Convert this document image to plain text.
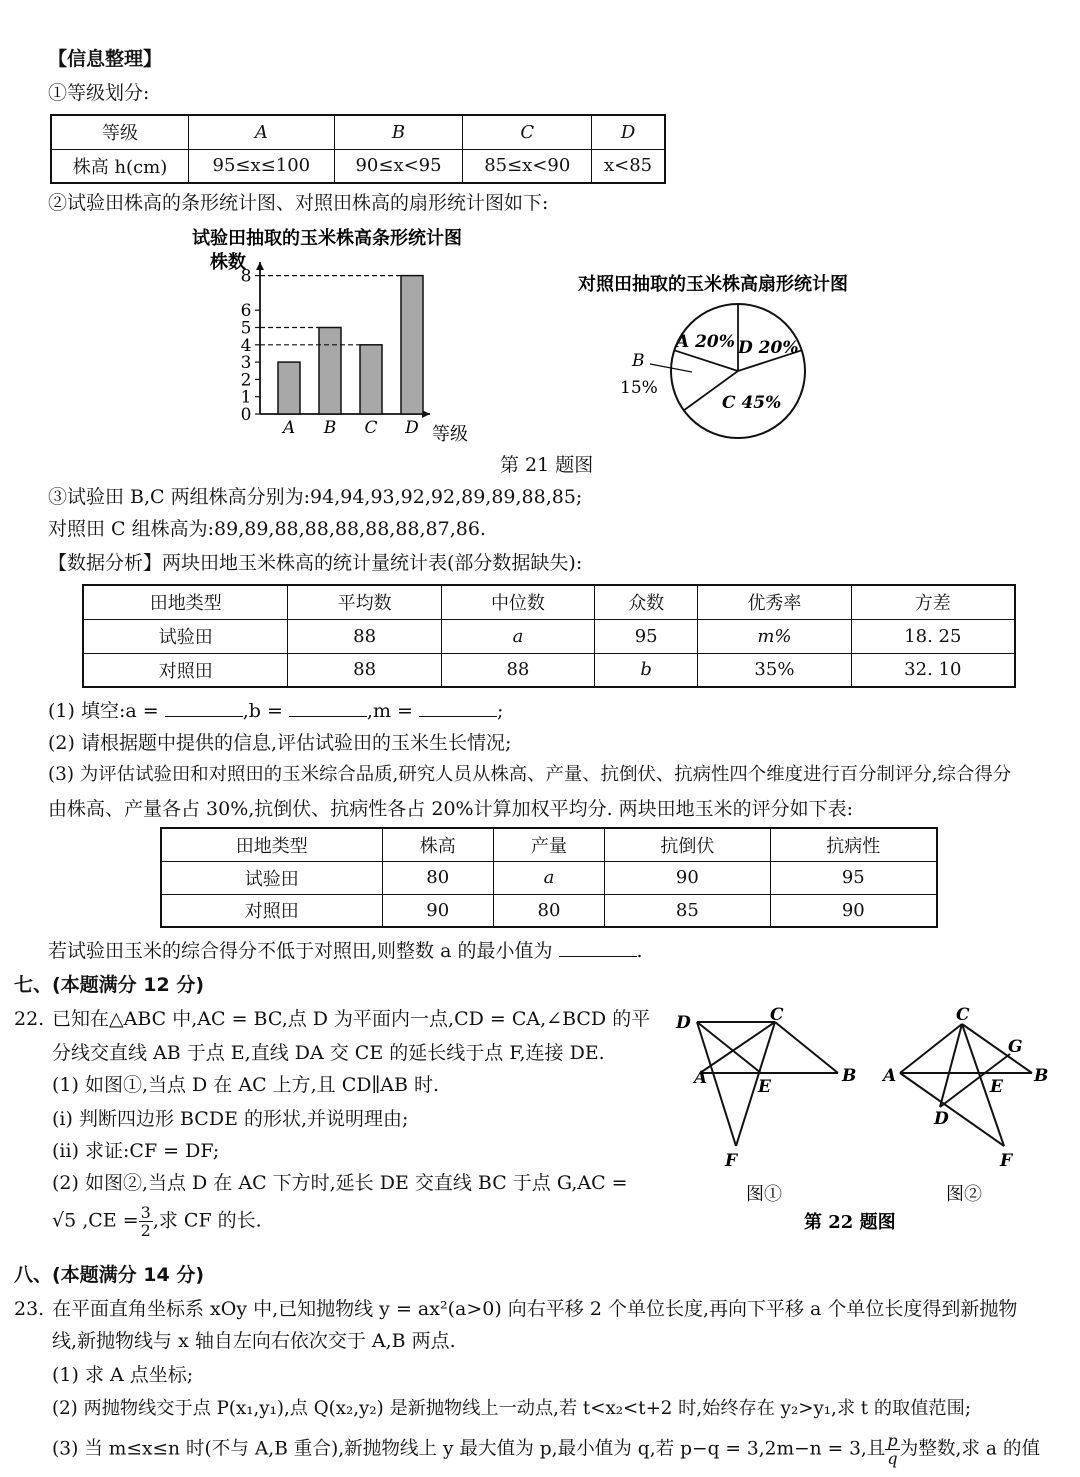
【信息整理】
①等级划分:
等级	A	B	C	D
株高 h(cm)	95≤x≤100	90≤x<95	85≤x<90	x<85
②试验田株高的条形统计图、对照田株高的扇形统计图如下:
试验田抽取的玉米株高条形统计图
株数
0
1
2
3
4
5
6
8
A B C D 等级
对照田抽取的玉米株高扇形统计图
A 20% D 20%
C 45%
B
15%
第 21 题图
③试验田 B,C 两组株高分别为:94,94,93,92,92,89,89,88,85;
对照田 C 组株高为:89,89,88,88,88,88,88,87,86.
【数据分析】两块田地玉米株高的统计量统计表(部分数据缺失):
田地类型	平均数	中位数	众数	优秀率	方差
试验田	88	a	95	m%	18. 25
对照田	88	88	b	35%	32. 10
(1) 填空:a =	,b =	,m =	;
(2) 请根据题中提供的信息,评估试验田的玉米生长情况;
(3) 为评估试验田和对照田的玉米综合品质,研究人员从株高、产量、抗倒伏、抗病性四个维度进行百分制评分,综合得分
由株高、产量各占 30%,抗倒伏、抗病性各占 20%计算加权平均分. 两块田地玉米的评分如下表:
田地类型	株高	产量	抗倒伏	抗病性
试验田	80	a	90	95
对照田	90	80	85	90
若试验田玉米的综合得分不低于对照田,则整数 a 的最小值为	.
七、(本题满分 12 分)
22. 已知在△ABC 中,AC = BC,点 D 为平面内一点,CD = CA,∠BCD 的平
分线交直线 AB 于点 E,直线 DA 交 CE 的延长线于点 F,连接 DE.
(1) 如图①,当点 D 在 AC 上方,且 CD∥AB 时.
(i) 判断四边形 BCDE 的形状,并说明理由;
(ii) 求证:CF = DF;
(2) 如图②,当点 D 在 AC 下方时,延长 DE 交直线 BC 于点 G,AC =
√5 $,CE = \frac{3}{2}$ ,求 CF 的长.
D	C
A	E
B
F
C
G
A
E
B
D
F
图①	图②
第 22 题图
八、(本题满分 14 分)
23. 在平面直角坐标系 xOy 中,已知抛物线 y = ax²(a>0) 向右平移 2 个单位长度,再向下平移 a 个单位长度得到新抛物
线,新抛物线与 x 轴自左向右依次交于 A,B 两点.
(1) 求 A 点坐标;
(2) 两抛物线交于点 P(x₁,y₁),点 Q(x₂,y₂) 是新抛物线上一动点,若 t<x₂<t+2 时,始终存在 y₂>y₁,求 t 的取值范围;
(3) 当 m≤x≤n 时(不与 A,B 重合),新抛物线上 y 最大值为 p,最小值为 q,若 p−q = 3,2m−n = 3,且 $\frac{p}{q}$ 为整数,求 a 的值
